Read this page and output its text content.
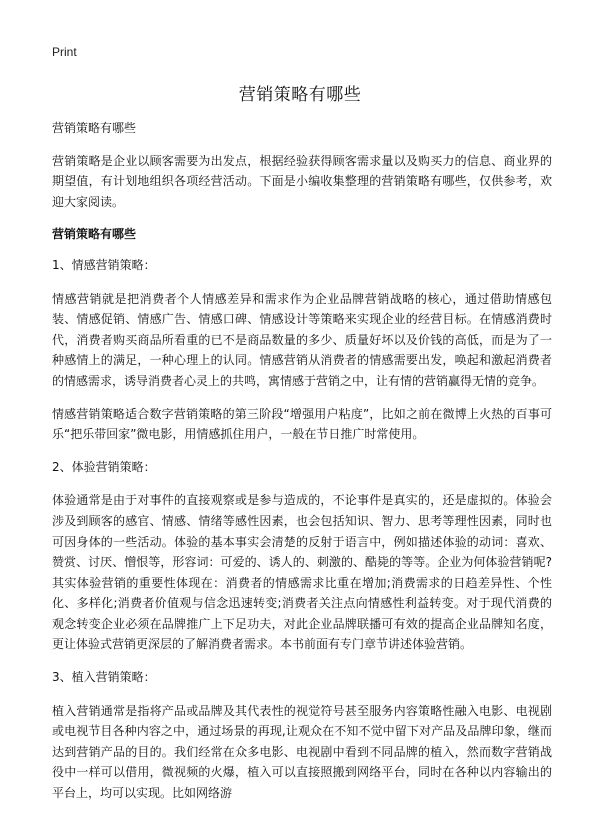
Print
营销策略有哪些

营销策略有哪些

营销策略是企业以顾客需要为出发点，根据经验获得顾客需求量以及购买力的信息、商业界的期望值，有计划地组织各项经营活动。下面是小编收集整理的营销策略有哪些，仅供参考，欢迎大家阅读。

营销策略有哪些

1、情感营销策略：

情感营销就是把消费者个人情感差异和需求作为企业品牌营销战略的核心，通过借助情感包装、情感促销、情感广告、情感口碑、情感设计等策略来实现企业的经营目标。在情感消费时代，消费者购买商品所看重的已不是商品数量的多少、质量好坏以及价钱的高低，而是为了一种感情上的满足，一种心理上的认同。情感营销从消费者的情感需要出发，唤起和激起消费者的情感需求，诱导消费者心灵上的共鸣，寓情感于营销之中，让有情的营销赢得无情的竞争。

情感营销策略适合数字营销策略的第三阶段“增强用户粘度”，比如之前在微博上火热的百事可乐“把乐带回家”微电影，用情感抓住用户，一般在节日推广时常使用。

2、体验营销策略：

体验通常是由于对事件的直接观察或是参与造成的，不论事件是真实的，还是虚拟的。体验会涉及到顾客的感官、情感、情绪等感性因素，也会包括知识、智力、思考等理性因素，同时也可因身体的一些活动。体验的基本事实会清楚的反射于语言中，例如描述体验的动词：喜欢、赞赏、讨厌、憎恨等，形容词：可爱的、诱人的、刺激的、酷毙的等等。企业为何体验营销呢?其实体验营销的重要性体现在：消费者的情感需求比重在增加;消费需求的日趋差异性、个性化、多样化;消费者价值观与信念迅速转变;消费者关注点向情感性利益转变。对于现代消费的观念转变企业必须在品牌推广上下足功夫，对此企业品牌联播可有效的提高企业品牌知名度，更让体验式营销更深层的了解消费者需求。本书前面有专门章节讲述体验营销。

3、植入营销策略：

植入营销通常是指将产品或品牌及其代表性的视觉符号甚至服务内容策略性融入电影、电视剧或电视节目各种内容之中，通过场景的再现,让观众在不知不觉中留下对产品及品牌印象，继而达到营销产品的目的。我们经常在众多电影、电视剧中看到不同品牌的植入，然而数字营销战役中一样可以借用，微视频的火爆，植入可以直接照搬到网络平台，同时在各种以内容输出的平台上，均可以实现。比如网络游
